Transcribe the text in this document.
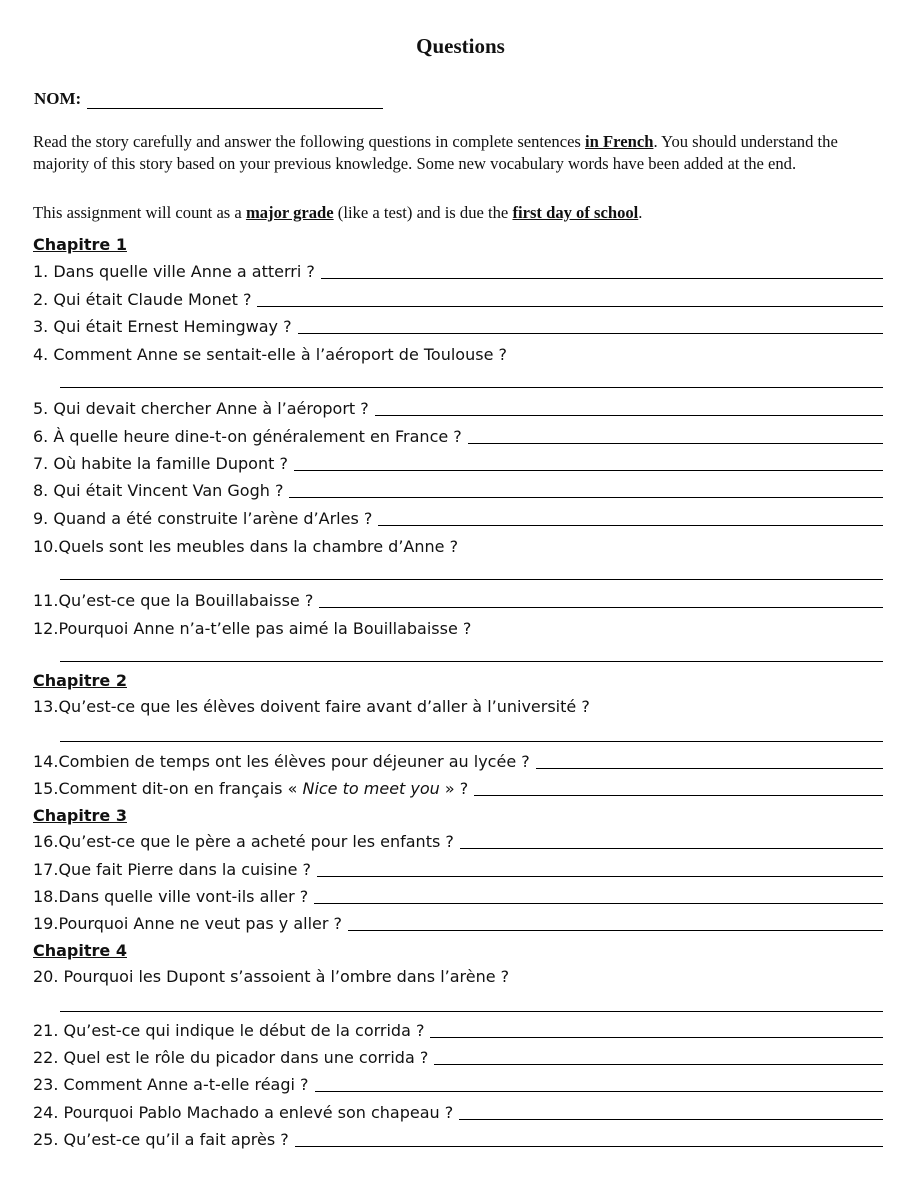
Questions
NOM:
Read the story carefully and answer the following questions in complete sentences in French. You should understand the majority of this story based on your previous knowledge. Some new vocabulary words have been added at the end.
This assignment will count as a major grade (like a test) and is due the first day of school.
Chapitre 1
1.
Dans quelle ville Anne a atterri ?
2.
Qui était Claude Monet ?
3.
Qui était Ernest Hemingway ?
4.
Comment Anne se sentait-elle à l’aéroport de Toulouse ?
5.
Qui devait chercher Anne à l’aéroport ?
6.
À quelle heure dine-t-on généralement en France ?
7.
Où habite la famille Dupont ?
8.
Qui était Vincent Van Gogh ?
9.
Quand a été construite l’arène d’Arles ?
10. Quels sont les meubles dans la chambre d’Anne ?
11. Qu’est-ce que la Bouillabaisse ?
12. Pourquoi Anne n’a-t’elle pas aimé la Bouillabaisse ?
Chapitre 2
13. Qu’est-ce que les élèves doivent faire avant d’aller à l’université ?
14. Combien de temps ont les élèves pour déjeuner au lycée ?
15. Comment dit-on en français « Nice to meet you » ?
Chapitre 3
16. Qu’est-ce que le père a acheté pour les enfants ?
17. Que fait Pierre dans la cuisine ?
18. Dans quelle ville vont-ils aller ?
19. Pourquoi Anne ne veut pas y aller ?
Chapitre 4
20.
Pourquoi les Dupont s’assoient à l’ombre dans l’arène ?
21.
Qu’est-ce qui indique le début de la corrida ?
22.
Quel est le rôle du picador dans une corrida ?
23.
Comment Anne a-t-elle réagi ?
24.
Pourquoi Pablo Machado a enlevé son chapeau ?
25.
Qu’est-ce qu’il a fait après ?
